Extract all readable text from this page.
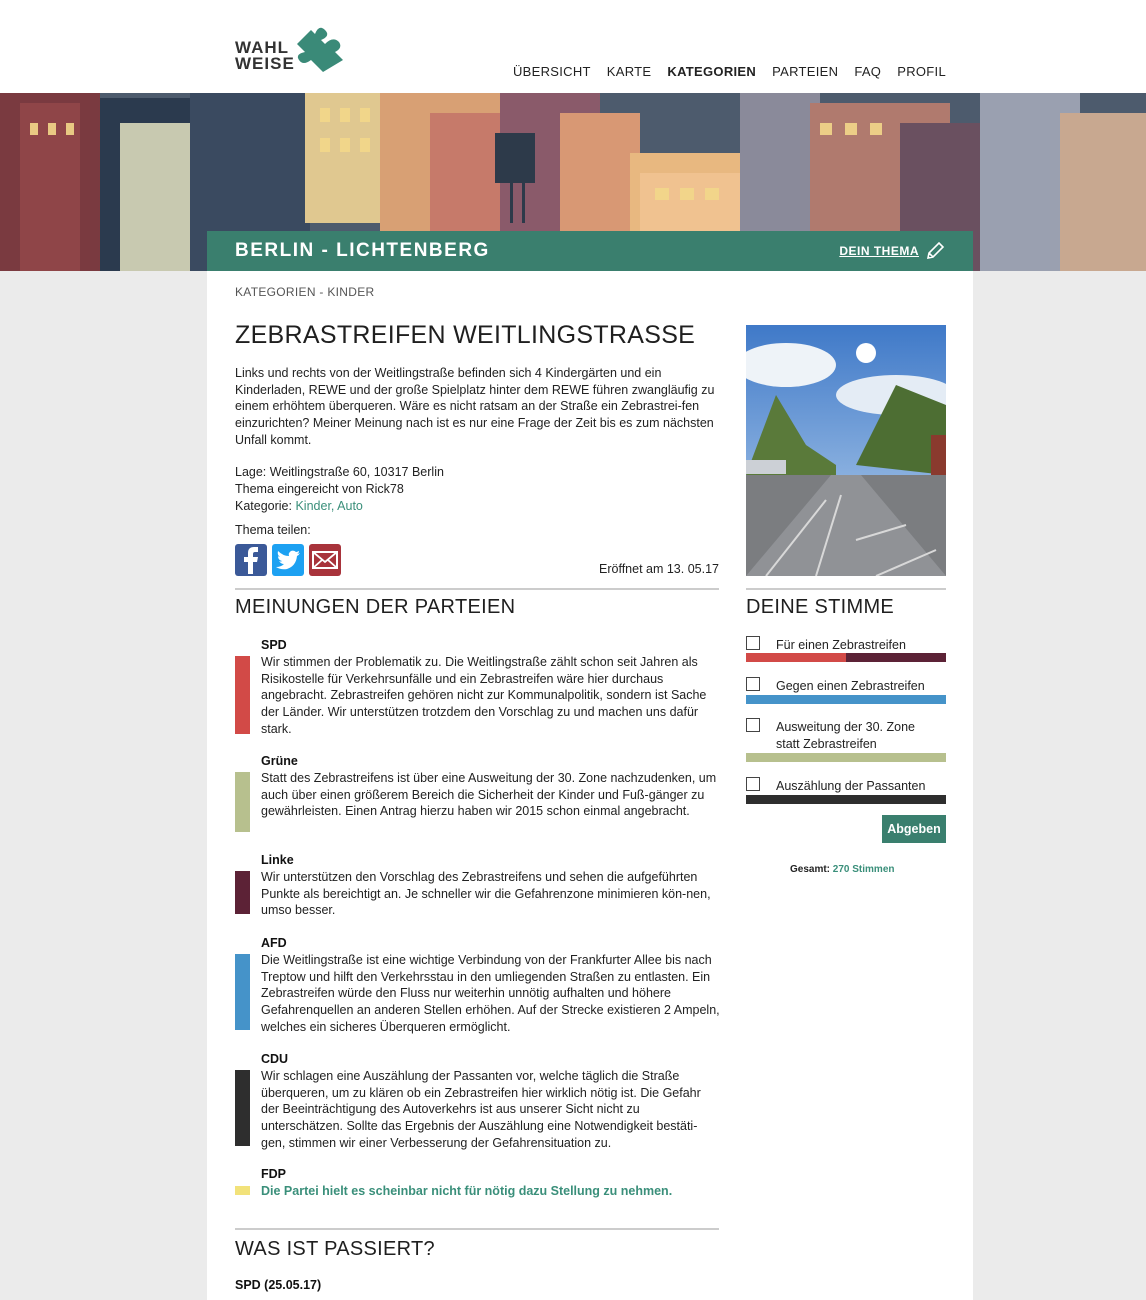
WAHL
WEISE	ÜBERSICHT KARTE KATEGORIEN PARTEIEN FAQ PROFIL
BERLIN - LICHTENBERG	DEIN THEMA
KATEGORIEN - KINDER
ZEBRASTREIFEN WEITLINGSTRASSE
Links und rechts von der Weitlingstraße befinden sich 4 Kindergärten und ein Kinderladen, REWE und der große Spielplatz hinter dem REWE führen zwangläufig zu einem erhöhtem überqueren. Wäre es nicht ratsam an der Straße ein Zebrastrei-fen einzurichten? Meiner Meinung nach ist es nur eine Frage der Zeit bis es zum nächsten Unfall kommt.
Lage: Weitlingstraße 60, 10317 Berlin
Thema eingereicht von Rick78
Kategorie: Kinder, Auto
Thema teilen:
Eröffnet am 13. 05.17
MEINUNGEN DER PARTEIEN
SPD
Wir stimmen der Problematik zu. Die Weitlingstraße zählt schon seit Jahren als Risikostelle für Verkehrsunfälle und ein Zebrastreifen wäre hier durchaus angebracht. Zebrastreifen gehören nicht zur Kommunalpolitik, sondern ist Sache der Länder. Wir unterstützen trotzdem den Vorschlag zu und machen uns dafür stark.
Grüne
Statt des Zebrastreifens ist über eine Ausweitung der 30. Zone nachzudenken, um auch über einen größerem Bereich die Sicherheit der Kinder und Fuß-gänger zu gewährleisten. Einen Antrag hierzu haben wir 2015 schon einmal angebracht.
Linke
Wir unterstützen den Vorschlag des Zebrastreifens und sehen die aufgeführten Punkte als bereichtigt an. Je schneller wir die Gefahrenzone minimieren kön-nen, umso besser.
AFD
Die Weitlingstraße ist eine wichtige Verbindung von der Frankfurter Allee bis nach Treptow und hilft den Verkehrsstau in den umliegenden Straßen zu entlasten. Ein Zebrastreifen würde den Fluss nur weiterhin unnötig aufhalten und höhere Gefahrenquellen an anderen Stellen erhöhen. Auf der Strecke existieren 2 Ampeln, welches ein sicheres Überqueren ermöglicht.
CDU
Wir schlagen eine Auszählung der Passanten vor, welche täglich die Straße überqueren, um zu klären ob ein Zebrastreifen hier wirklich nötig ist. Die Gefahr der Beeinträchtigung des Autoverkehrs ist aus unserer Sicht nicht zu unterschätzen. Sollte das Ergebnis der Auszählung eine Notwendigkeit bestäti-gen, stimmen wir einer Verbesserung der Gefahrensituation zu.
FDP
Die Partei hielt es scheinbar nicht für nötig dazu Stellung zu nehmen.
WAS IST PASSIERT?
SPD (25.05.17)
DEINE STIMME
Für einen Zebrastreifen
Gegen einen Zebrastreifen
Ausweitung der 30. Zone statt Zebrastreifen
Auszählung der Passanten
Abgeben
Gesamt: 270 Stimmen
